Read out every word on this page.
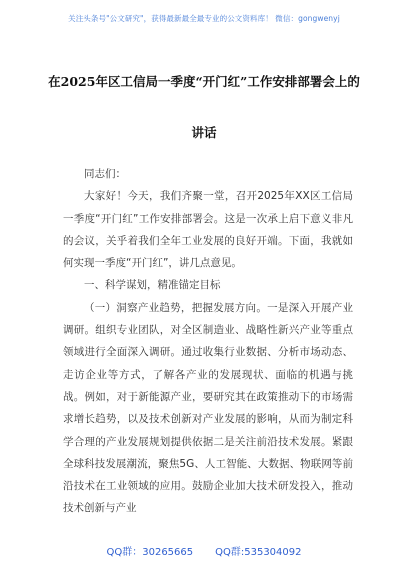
关注头条号"公文研究"，获得最新最全最专业的公文资料库！ 微信：gongwenyj
在2025年区工信局一季度“开门红”工作安排部署会上的
讲话

同志们：

大家好！今天，我们齐聚一堂，召开2025年XX区工信局一季度“开门红”工作安排部署会。这是一次承上启下意义非凡的会议，关乎着我们全年工业发展的良好开端。下面，我就如何实现一季度“开门红”，讲几点意见。

一、科学谋划，精准锚定目标

（一）洞察产业趋势，把握发展方向。一是深入开展产业调研。组织专业团队，对全区制造业、战略性新兴产业等重点领域进行全面深入调研。通过收集行业数据、分析市场动态、走访企业等方式，了解各产业的发展现状、面临的机遇与挑战。例如，对于新能源产业，要研究其在政策推动下的市场需求增长趋势，以及技术创新对产业发展的影响，从而为制定科学合理的产业发展规划提供依据二是关注前沿技术发展。紧跟全球科技发展潮流，聚焦5G、人工智能、大数据、物联网等前沿技术在工业领域的应用。鼓励企业加大技术研发投入，推动技术创新与产业

QQ群：30265665 QQ群:535304092
